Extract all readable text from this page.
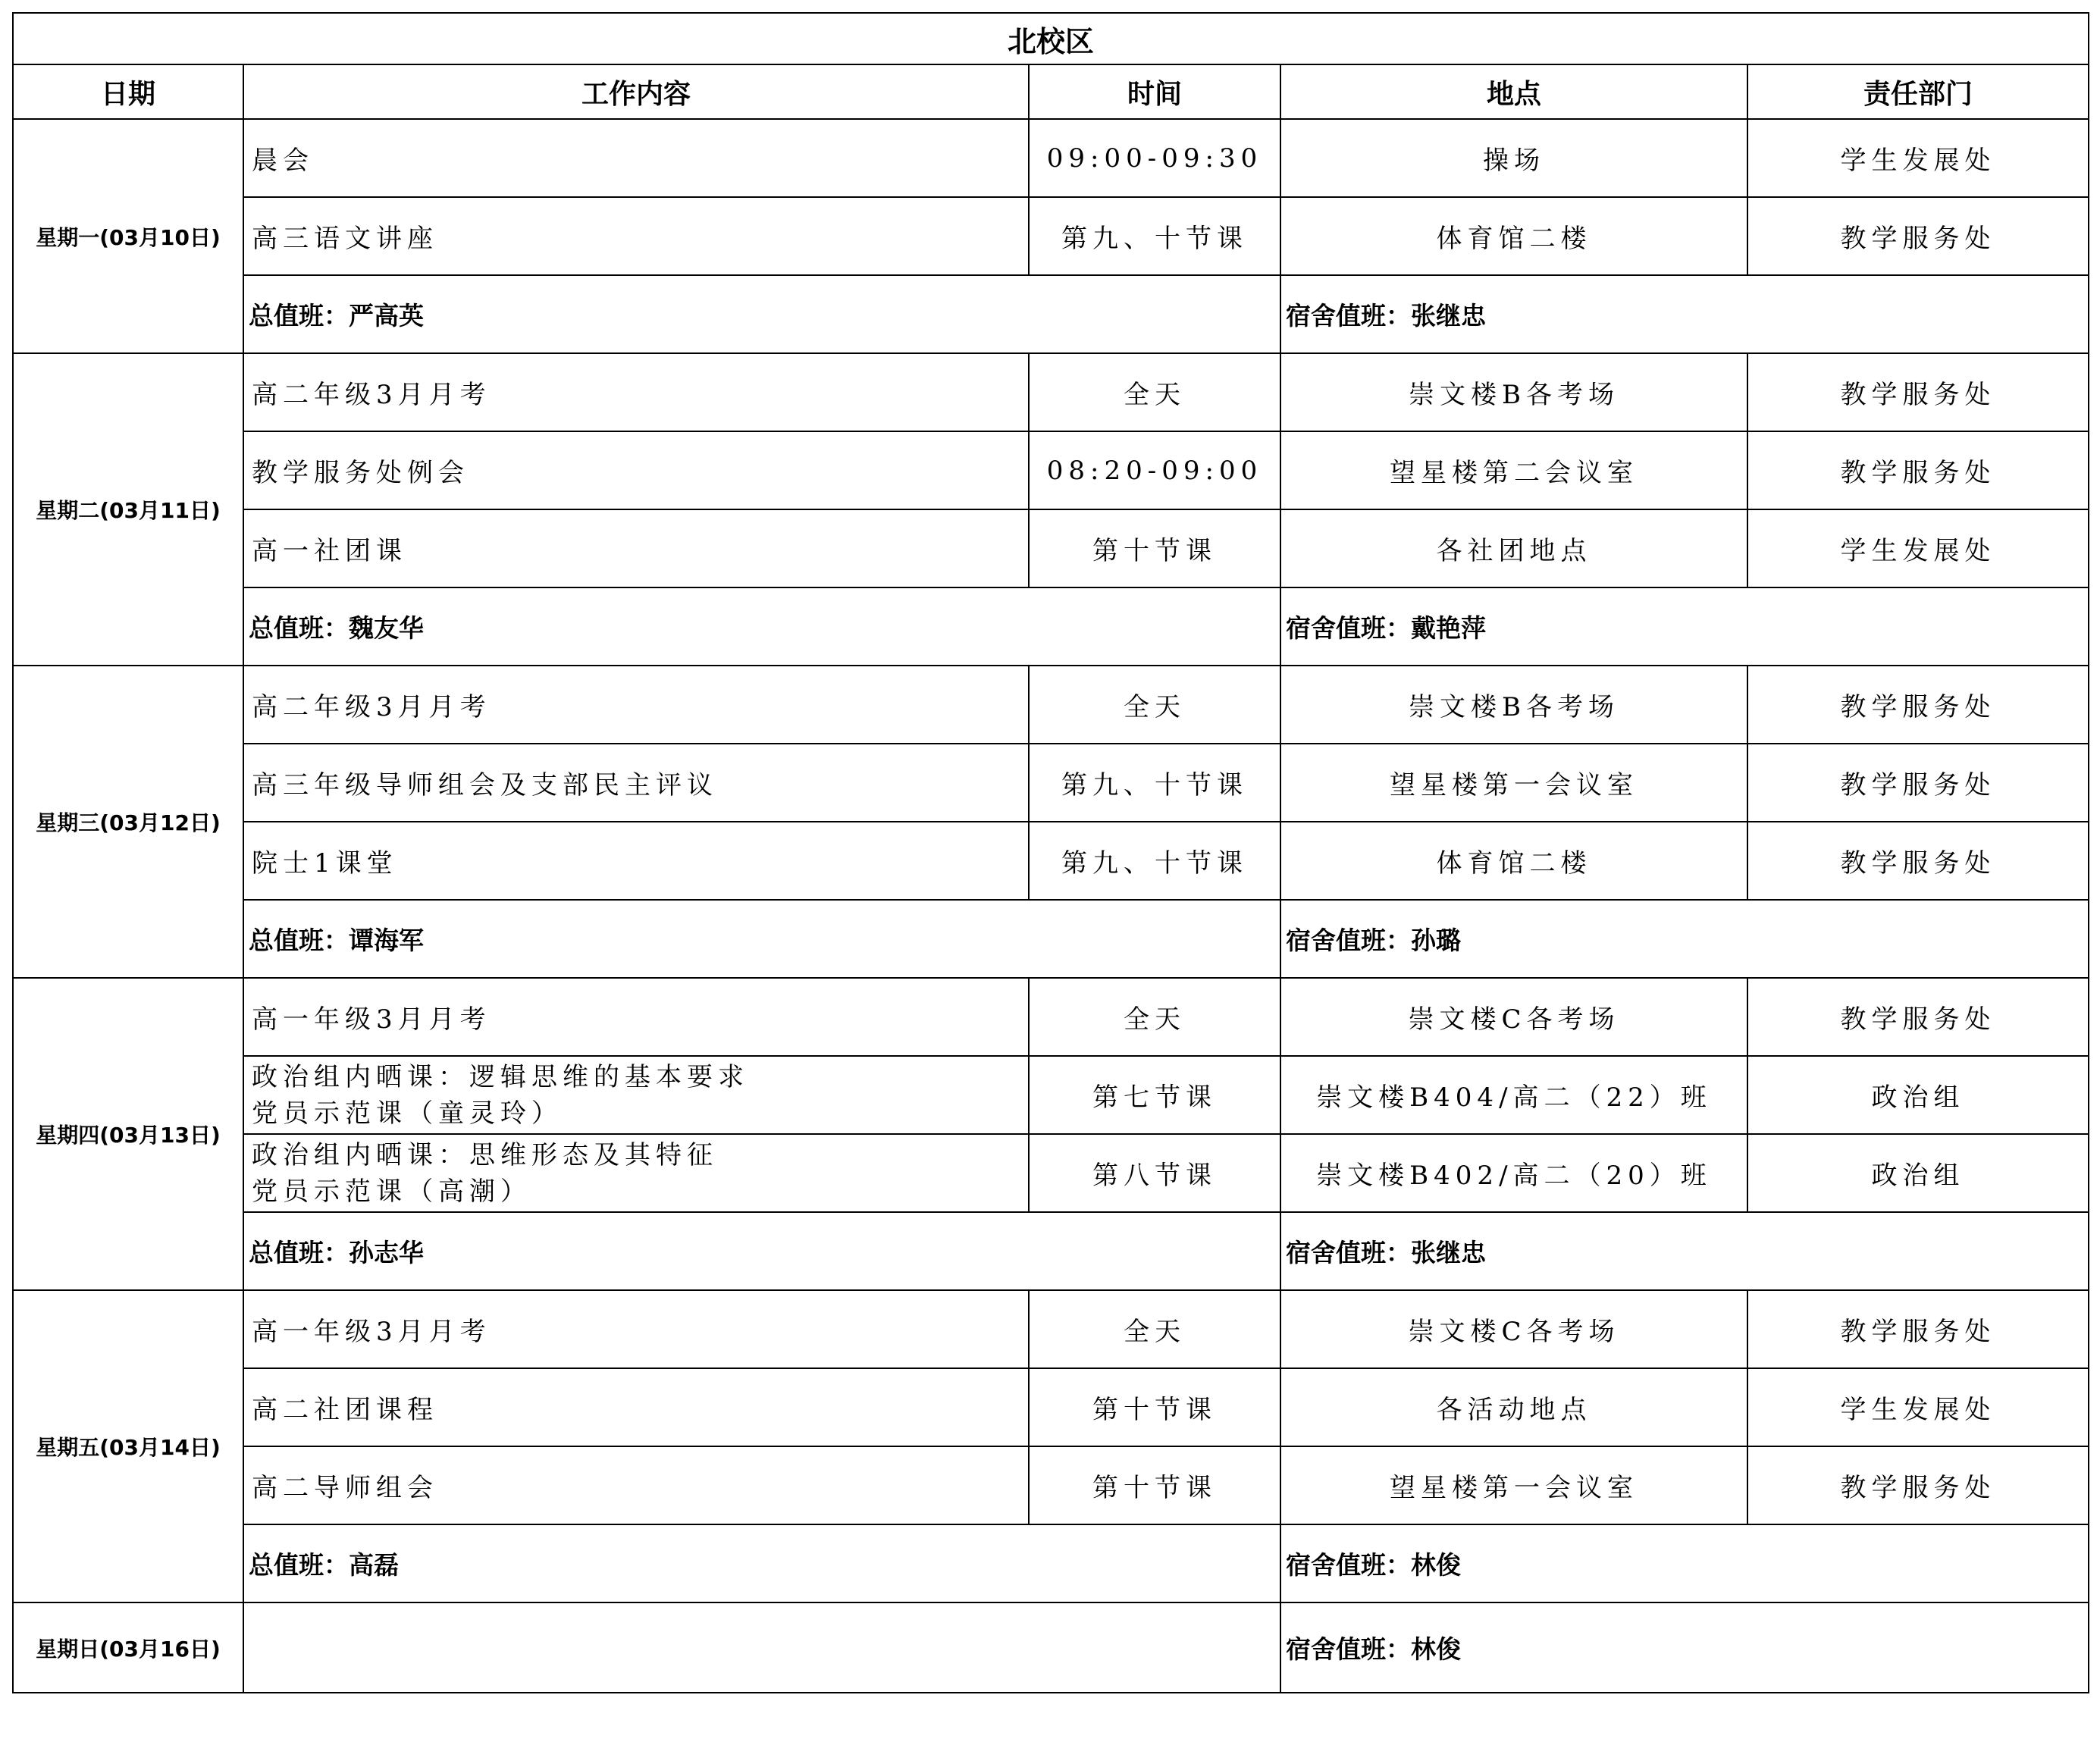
北校区				
日期	工作内容	时间	地点	责任部门
星期一(03月10日)	晨会	09:00-09:30	操场	学生发展处

	高三语文讲座	第九、十节课	体育馆二楼	教学服务处
	总值班：严高英		宿舍值班：张继忠	
星期二(03月11日)	高二年级3月月考	全天	崇文楼B各考场	教学服务处

	教学服务处例会	08:20-09:00	望星楼第二会议室	教学服务处

	高一社团课	第十节课	各社团地点	学生发展处
	总值班：魏友华		宿舍值班：戴艳萍	
星期三(03月12日)	高二年级3月月考	全天	崇文楼B各考场	教学服务处

	高三年级导师组会及支部民主评议	第九、十节课	望星楼第一会议室	教学服务处

	院士1课堂	第九、十节课	体育馆二楼	教学服务处
	总值班：谭海军		宿舍值班：孙璐	
星期四(03月13日)	高一年级3月月考	全天	崇文楼C各考场	教学服务处

	政治组内晒课：逻辑思维的基本要求
党员示范课（童灵玲）	第七节课	崇文楼B404/高二（22）班	政治组

	政治组内晒课：思维形态及其特征
党员示范课（高潮）	第八节课	崇文楼B402/高二（20）班	政治组
	总值班：孙志华		宿舍值班：张继忠	
星期五(03月14日)	高一年级3月月考	全天	崇文楼C各考场	教学服务处

	高二社团课程	第十节课	各活动地点	学生发展处

	高二导师组会	第十节课	望星楼第一会议室	教学服务处
	总值班：高磊		宿舍值班：林俊	
星期日(03月16日)			宿舍值班：林俊	
